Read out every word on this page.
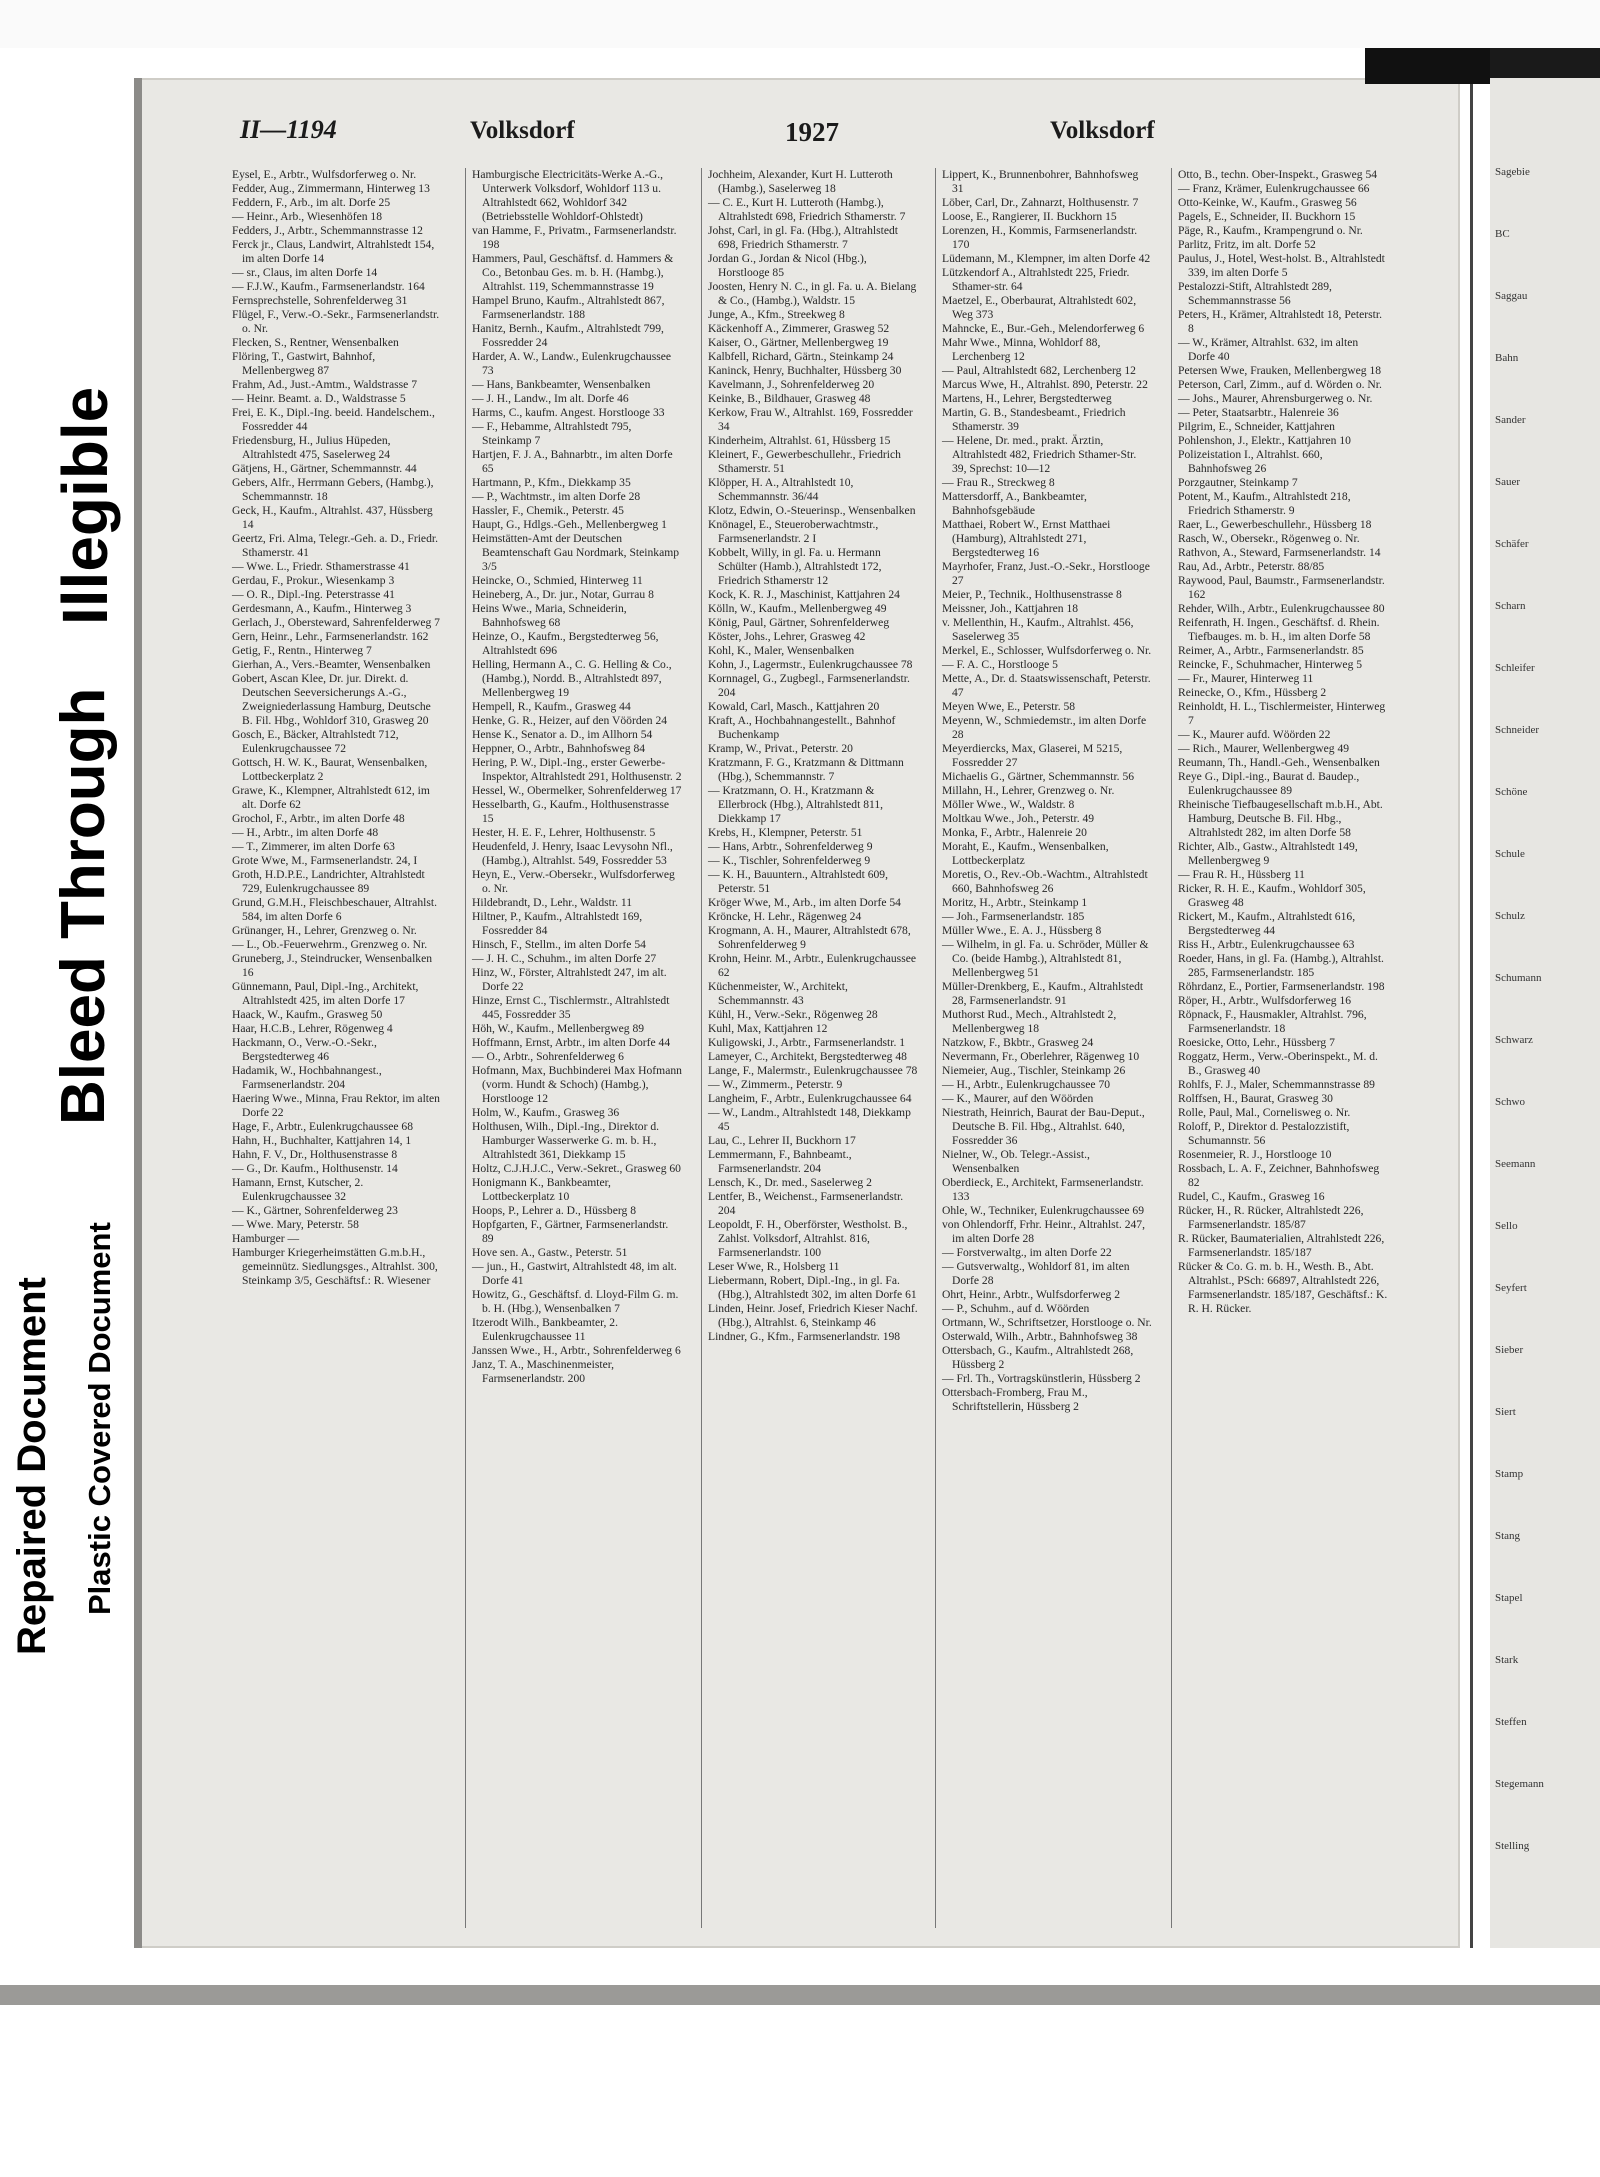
Repaired Document Plastic Covered Document
Bleed Through
Illegible
II—1194	Volksdorf	1927	Volksdorf

Eysel, E., Arbtr., Wulfsdorferweg o. Nr.

Fedder, Aug., Zimmermann, Hinterweg 13

Feddern, F., Arb., im alt. Dorfe 25

— Heinr., Arb., Wiesenhöfen 18

Fedders, J., Arbtr., Schemmannstrasse 12

Ferck jr., Claus, Landwirt, Altrahlstedt 154, im alten Dorfe 14

— sr., Claus, im alten Dorfe 14

— F.J.W., Kaufm., Farmsenerlandstr. 164

Fernsprechstelle, Sohrenfelderweg 31

Flügel, F., Verw.-O.-Sekr., Farmsenerlandstr. o. Nr.

Flecken, S., Rentner, Wensenbalken

Flöring, T., Gastwirt, Bahnhof, Mellenbergweg 87

Frahm, Ad., Just.-Amtm., Waldstrasse 7

— Heinr. Beamt. a. D., Waldstrasse 5

Frei, E. K., Dipl.-Ing. beeid. Handelschem., Fossredder 44

Friedensburg, H., Julius Hüpeden, Altrahlstedt 475, Saselerweg 24

Gätjens, H., Gärtner, Schemmannstr. 44

Gebers, Alfr., Herrmann Gebers, (Hambg.), Schemmannstr. 18

Geck, H., Kaufm., Altrahlst. 437, Hüssberg 14

Geertz, Fri. Alma, Telegr.-Geh. a. D., Friedr. Sthamerstr. 41

— Wwe. L., Friedr. Sthamerstrasse 41

Gerdau, F., Prokur., Wiesenkamp 3

— O. R., Dipl.-Ing. Peterstrasse 41

Gerdesmann, A., Kaufm., Hinterweg 3

Gerlach, J., Obersteward, Sahrenfelderweg 7

Gern, Heinr., Lehr., Farmsenerlandstr. 162

Getig, F., Rentn., Hinterweg 7

Gierhan, A., Vers.-Beamter, Wensenbalken

Gobert, Ascan Klee, Dr. jur. Direkt. d. Deutschen Seeversicherungs A.-G., Zweigniederlassung Hamburg, Deutsche B. Fil. Hbg., Wohldorf 310, Grasweg 20

Gosch, E., Bäcker, Altrahlstedt 712, Eulenkrugchaussee 72

Gottsch, H. W. K., Baurat, Wensenbalken, Lottbeckerplatz 2

Grawe, K., Klempner, Altrahlstedt 612, im alt. Dorfe 62

Grochol, F., Arbtr., im alten Dorfe 48

— H., Arbtr., im alten Dorfe 48

— T., Zimmerer, im alten Dorfe 63

Grote Wwe, M., Farmsenerlandstr. 24, I

Groth, H.D.P.E., Landrichter, Altrahlstedt 729, Eulenkrugchaussee 89

Grund, G.M.H., Fleischbeschauer, Altrahlst. 584, im alten Dorfe 6

Grünanger, H., Lehrer, Grenzweg o. Nr.

— L., Ob.-Feuerwehrm., Grenzweg o. Nr.

Gruneberg, J., Steindrucker, Wensenbalken 16

Günnemann, Paul, Dipl.-Ing., Architekt, Altrahlstedt 425, im alten Dorfe 17

Haack, W., Kaufm., Grasweg 50

Haar, H.C.B., Lehrer, Rögenweg 4

Hackmann, O., Verw.-O.-Sekr., Bergstedterweg 46

Hadamik, W., Hochbahnangest., Farmsenerlandstr. 204

Haering Wwe., Minna, Frau Rektor, im alten Dorfe 22

Hage, F., Arbtr., Eulenkrugchaussee 68

Hahn, H., Buchhalter, Kattjahren 14, 1

Hahn, F. V., Dr., Holthusenstrasse 8

— G., Dr. Kaufm., Holthusenstr. 14

Hamann, Ernst, Kutscher, 2. Eulenkrugchaussee 32

— K., Gärtner, Sohrenfelderweg 23

— Wwe. Mary, Peterstr. 58

Hamburger —

Hamburger Kriegerheimstätten G.m.b.H., gemeinnütz. Siedlungsges., Altrahlst. 300, Steinkamp 3/5, Geschäftsf.: R. Wiesener

Hamburgische Electricitäts-Werke A.-G., Unterwerk Volksdorf, Wohldorf 113 u. Altrahlstedt 662, Wohldorf 342 (Betriebsstelle Wohldorf-Ohlstedt)

van Hamme, F., Privatm., Farmsenerlandstr. 198

Hammers, Paul, Geschäftsf. d. Hammers & Co., Betonbau Ges. m. b. H. (Hambg.), Altrahlst. 119, Schemmannstrasse 19

Hampel Bruno, Kaufm., Altrahlstedt 867, Farmsenerlandstr. 188

Hanitz, Bernh., Kaufm., Altrahlstedt 799, Fossredder 24

Harder, A. W., Landw., Eulenkrugchaussee 73

— Hans, Bankbeamter, Wensenbalken

— J. H., Landw., Im alt. Dorfe 46

Harms, C., kaufm. Angest. Horstlooge 33

— F., Hebamme, Altrahlstedt 795, Steinkamp 7

Hartjen, F. J. A., Bahnarbtr., im alten Dorfe 65

Hartmann, P., Kfm., Diekkamp 35

— P., Wachtmstr., im alten Dorfe 28

Hassler, F., Chemik., Peterstr. 45

Haupt, G., Hdlgs.-Geh., Mellenbergweg 1

Heimstätten-Amt der Deutschen Beamtenschaft Gau Nordmark, Steinkamp 3/5

Heincke, O., Schmied, Hinterweg 11

Heineberg, A., Dr. jur., Notar, Gurrau 8

Heins Wwe., Maria, Schneiderin, Bahnhofsweg 68

Heinze, O., Kaufm., Bergstedterweg 56, Altrahlstedt 696

Helling, Hermann A., C. G. Helling & Co., (Hambg.), Nordd. B., Altrahlstedt 897, Mellenbergweg 19

Hempell, R., Kaufm., Grasweg 44

Henke, G. R., Heizer, auf den Vöörden 24

Hense K., Senator a. D., im Allhorn 54

Heppner, O., Arbtr., Bahnhofsweg 84

Hering, P. W., Dipl.-Ing., erster Gewerbe-Inspektor, Altrahlstedt 291, Holthusenstr. 2

Hessel, W., Obermelker, Sohrenfelderweg 17

Hesselbarth, G., Kaufm., Holthusenstrasse 15

Hester, H. E. F., Lehrer, Holthusenstr. 5

Heudenfeld, J. Henry, Isaac Levysohn Nfl., (Hambg.), Altrahlst. 549, Fossredder 53

Heyn, E., Verw.-Obersekr., Wulfsdorferweg o. Nr.

Hildebrandt, D., Lehr., Waldstr. 11

Hiltner, P., Kaufm., Altrahlstedt 169, Fossredder 84

Hinsch, F., Stellm., im alten Dorfe 54

— J. H. C., Schuhm., im alten Dorfe 27

Hinz, W., Förster, Altrahlstedt 247, im alt. Dorfe 22

Hinze, Ernst C., Tischlermstr., Altrahlstedt 445, Fossredder 35

Höh, W., Kaufm., Mellenbergweg 89

Hoffmann, Ernst, Arbtr., im alten Dorfe 44

— O., Arbtr., Sohrenfelderweg 6

Hofmann, Max, Buchbinderei Max Hofmann (vorm. Hundt & Schoch) (Hambg.), Horstlooge 12

Holm, W., Kaufm., Grasweg 36

Holthusen, Wilh., Dipl.-Ing., Direktor d. Hamburger Wasserwerke G. m. b. H., Altrahlstedt 361, Diekkamp 15

Holtz, C.J.H.J.C., Verw.-Sekret., Grasweg 60

Honigmann K., Bankbeamter, Lottbeckerplatz 10

Hoops, P., Lehrer a. D., Hüssberg 8

Hopfgarten, F., Gärtner, Farmsenerlandstr. 89

Hove sen. A., Gastw., Peterstr. 51

— jun., H., Gastwirt, Altrahlstedt 48, im alt. Dorfe 41

Howitz, G., Geschäftsf. d. Lloyd-Film G. m. b. H. (Hbg.), Wensenbalken 7

Itzerodt Wilh., Bankbeamter, 2. Eulenkrugchaussee 11

Janssen Wwe., H., Arbtr., Sohrenfelderweg 6

Janz, T. A., Maschinenmeister, Farmsenerlandstr. 200

Jochheim, Alexander, Kurt H. Lutteroth (Hambg.), Saselerweg 18

— C. E., Kurt H. Lutteroth (Hambg.), Altrahlstedt 698, Friedrich Sthamerstr. 7

Johst, Carl, in gl. Fa. (Hbg.), Altrahlstedt 698, Friedrich Sthamerstr. 7

Jordan G., Jordan & Nicol (Hbg.), Horstlooge 85

Joosten, Henry N. C., in gl. Fa. u. A. Bielang & Co., (Hambg.), Waldstr. 15

Junge, A., Kfm., Streekweg 8

Käckenhoff A., Zimmerer, Grasweg 52

Kaiser, O., Gärtner, Mellenbergweg 19

Kalbfell, Richard, Gärtn., Steinkamp 24

Kaninck, Henry, Buchhalter, Hüssberg 30

Kavelmann, J., Sohrenfelderweg 20

Keinke, B., Bildhauer, Grasweg 48

Kerkow, Frau W., Altrahlst. 169, Fossredder 34

Kinderheim, Altrahlst. 61, Hüssberg 15

Kleinert, F., Gewerbeschullehr., Friedrich Sthamerstr. 51

Klöpper, H. A., Altrahlstedt 10, Schemmannstr. 36/44

Klotz, Edwin, O.-Steuerinsp., Wensenbalken

Knönagel, E., Steueroberwachtmstr., Farmsenerlandstr. 2 I

Kobbelt, Willy, in gl. Fa. u. Hermann Schülter (Hamb.), Altrahlstedt 172, Friedrich Sthamerstr 12

Kock, K. R. J., Maschinist, Kattjahren 24

Kölln, W., Kaufm., Mellenbergweg 49

König, Paul, Gärtner, Sohrenfelderweg

Köster, Johs., Lehrer, Grasweg 42

Kohl, K., Maler, Wensenbalken

Kohn, J., Lagermstr., Eulenkrugchaussee 78

Kornnagel, G., Zugbegl., Farmsenerlandstr. 204

Kowald, Carl, Masch., Kattjahren 20

Kraft, A., Hochbahnangestellt., Bahnhof Buchenkamp

Kramp, W., Privat., Peterstr. 20

Kratzmann, F. G., Kratzmann & Dittmann (Hbg.), Schemmannstr. 7

— Kratzmann, O. H., Kratzmann & Ellerbrock (Hbg.), Altrahlstedt 811, Diekkamp 17

Krebs, H., Klempner, Peterstr. 51

— Hans, Arbtr., Sohrenfelderweg 9

— K., Tischler, Sohrenfelderweg 9

— K. H., Bauuntern., Altrahlstedt 609, Peterstr. 51

Kröger Wwe, M., Arb., im alten Dorfe 54

Kröncke, H. Lehr., Rägenweg 24

Krogmann, A. H., Maurer, Altrahlstedt 678, Sohrenfelderweg 9

Krohn, Heinr. M., Arbtr., Eulenkrugchaussee 62

Küchenmeister, W., Architekt, Schemmannstr. 43

Kühl, H., Verw.-Sekr., Rögenweg 28

Kuhl, Max, Kattjahren 12

Kuligowski, J., Arbtr., Farmsenerlandstr. 1

Lameyer, C., Architekt, Bergstedterweg 48

Lange, F., Malermstr., Eulenkrugchaussee 78

— W., Zimmerm., Peterstr. 9

Langheim, F., Arbtr., Eulenkrugchaussee 64

— W., Landm., Altrahlstedt 148, Diekkamp 45

Lau, C., Lehrer II, Buckhorn 17

Lemmermann, F., Bahnbeamt., Farmsenerlandstr. 204

Lensch, K., Dr. med., Saselerweg 2

Lentfer, B., Weichenst., Farmsenerlandstr. 204

Leopoldt, F. H., Oberförster, Westholst. B., Zahlst. Volksdorf, Altrahlst. 816, Farmsenerlandstr. 100

Leser Wwe, R., Holsberg 11

Liebermann, Robert, Dipl.-Ing., in gl. Fa. (Hbg.), Altrahlstedt 302, im alten Dorfe 61

Linden, Heinr. Josef, Friedrich Kieser Nachf. (Hbg.), Altrahlst. 6, Steinkamp 46

Lindner, G., Kfm., Farmsenerlandstr. 198

Lippert, K., Brunnenbohrer, Bahnhofsweg 31

Löber, Carl, Dr., Zahnarzt, Holthusenstr. 7

Loose, E., Rangierer, II. Buckhorn 15

Lorenzen, H., Kommis, Farmsenerlandstr. 170

Lüdemann, M., Klempner, im alten Dorfe 42

Lützkendorf A., Altrahlstedt 225, Friedr. Sthamer-str. 64

Maetzel, E., Oberbaurat, Altrahlstedt 602, Weg 373

Mahncke, E., Bur.-Geh., Melendorferweg 6

Mahr Wwe., Minna, Wohldorf 88, Lerchenberg 12

— Paul, Altrahlstedt 682, Lerchenberg 12

Marcus Wwe, H., Altrahlst. 890, Peterstr. 22

Martens, H., Lehrer, Bergstedterweg

Martin, G. B., Standesbeamt., Friedrich Sthamerstr. 39

— Helene, Dr. med., prakt. Ärztin, Altrahlstedt 482, Friedrich Sthamer-Str. 39, Sprechst: 10—12

— Frau R., Streckweg 8

Mattersdorff, A., Bankbeamter, Bahnhofsgebäude

Matthaei, Robert W., Ernst Matthaei (Hamburg), Altrahlstedt 271, Bergstedterweg 16

Mayrhofer, Franz, Just.-O.-Sekr., Horstlooge 27

Meier, P., Technik., Holthusenstrasse 8

Meissner, Joh., Kattjahren 18

v. Mellenthin, H., Kaufm., Altrahlst. 456, Saselerweg 35

Merkel, E., Schlosser, Wulfsdorferweg o. Nr.

— F. A. C., Horstlooge 5

Mette, A., Dr. d. Staatswissenschaft, Peterstr. 47

Meyen Wwe, E., Peterstr. 58

Meyenn, W., Schmiedemstr., im alten Dorfe 28

Meyerdiercks, Max, Glaserei, M 5215, Fossredder 27

Michaelis G., Gärtner, Schemmannstr. 56

Millahn, H., Lehrer, Grenzweg o. Nr.

Möller Wwe., W., Waldstr. 8

Moltkau Wwe., Joh., Peterstr. 49

Monka, F., Arbtr., Halenreie 20

Moraht, E., Kaufm., Wensenbalken, Lottbeckerplatz

Moretis, O., Rev.-Ob.-Wachtm., Altrahlstedt 660, Bahnhofsweg 26

Moritz, H., Arbtr., Steinkamp 1

— Joh., Farmsenerlandstr. 185

Müller Wwe., E. A. J., Hüssberg 8

— Wilhelm, in gl. Fa. u. Schröder, Müller & Co. (beide Hambg.), Altrahlstedt 81, Mellenbergweg 51

Müller-Drenkberg, E., Kaufm., Altrahlstedt 28, Farmsenerlandstr. 91

Muthorst Rud., Mech., Altrahlstedt 2, Mellenbergweg 18

Natzkow, F., Bkbtr., Grasweg 24

Nevermann, Fr., Oberlehrer, Rägenweg 10

Niemeier, Aug., Tischler, Steinkamp 26

— H., Arbtr., Eulenkrugchaussee 70

— K., Maurer, auf den Wöörden

Niestrath, Heinrich, Baurat der Bau-Deput., Deutsche B. Fil. Hbg., Altrahlst. 640, Fossredder 36

Nielner, W., Ob. Telegr.-Assist., Wensenbalken

Oberdieck, E., Architekt, Farmsenerlandstr. 133

Ohle, W., Techniker, Eulenkrugchaussee 69

von Ohlendorff, Frhr. Heinr., Altrahlst. 247, im alten Dorfe 28

— Forstverwaltg., im alten Dorfe 22

— Gutsverwaltg., Wohldorf 81, im alten Dorfe 28

Ohrt, Heinr., Arbtr., Wulfsdorferweg 2

— P., Schuhm., auf d. Wöörden

Ortmann, W., Schriftsetzer, Horstlooge o. Nr.

Osterwald, Wilh., Arbtr., Bahnhofsweg 38

Ottersbach, G., Kaufm., Altrahlstedt 268, Hüssberg 2

— Frl. Th., Vortragskünstlerin, Hüssberg 2

Ottersbach-Fromberg, Frau M., Schriftstellerin, Hüssberg 2

Otto, B., techn. Ober-Inspekt., Grasweg 54

— Franz, Krämer, Eulenkrugchaussee 66

Otto-Keinke, W., Kaufm., Grasweg 56

Pagels, E., Schneider, II. Buckhorn 15

Päge, R., Kaufm., Krampengrund o. Nr.

Parlitz, Fritz, im alt. Dorfe 52

Paulus, J., Hotel, West-holst. B., Altrahlstedt 339, im alten Dorfe 5

Pestalozzi-Stift, Altrahlstedt 289, Schemmannstrasse 56

Peters, H., Krämer, Altrahlstedt 18, Peterstr. 8

— W., Krämer, Altrahlst. 632, im alten Dorfe 40

Petersen Wwe, Frauken, Mellenbergweg 18

Peterson, Carl, Zimm., auf d. Wörden o. Nr.

— Johs., Maurer, Ahrensburgerweg o. Nr.

— Peter, Staatsarbtr., Halenreie 36

Pilgrim, E., Schneider, Kattjahren

Pohlenshon, J., Elektr., Kattjahren 10

Polizeistation I., Altrahlst. 660, Bahnhofsweg 26

Porzgautner, Steinkamp 7

Potent, M., Kaufm., Altrahlstedt 218, Friedrich Sthamerstr. 9

Raer, L., Gewerbeschullehr., Hüssberg 18

Rasch, W., Obersekr., Rögenweg o. Nr.

Rathvon, A., Steward, Farmsenerlandstr. 14

Rau, Ad., Arbtr., Peterstr. 88/85

Raywood, Paul, Baumstr., Farmsenerlandstr. 162

Rehder, Wilh., Arbtr., Eulenkrugchaussee 80

Reifenrath, H. Ingen., Geschäftsf. d. Rhein. Tiefbauges. m. b. H., im alten Dorfe 58

Reimer, A., Arbtr., Farmsenerlandstr. 85

Reincke, F., Schuhmacher, Hinterweg 5

— Fr., Maurer, Hinterweg 11

Reinecke, O., Kfm., Hüssberg 2

Reinholdt, H. L., Tischlermeister, Hinterweg 7

— K., Maurer aufd. Wöörden 22

— Rich., Maurer, Wellenbergweg 49

Reumann, Th., Handl.-Geh., Wensenbalken

Reye G., Dipl.-ing., Baurat d. Baudep., Eulenkrugchaussee 89

Rheinische Tiefbaugesellschaft m.b.H., Abt. Hamburg, Deutsche B. Fil. Hbg., Altrahlstedt 282, im alten Dorfe 58

Richter, Alb., Gastw., Altrahlstedt 149, Mellenbergweg 9

— Frau R. H., Hüssberg 11

Ricker, R. H. E., Kaufm., Wohldorf 305, Grasweg 48

Rickert, M., Kaufm., Altrahlstedt 616, Bergstedterweg 44

Riss H., Arbtr., Eulenkrugchaussee 63

Roeder, Hans, in gl. Fa. (Hambg.), Altrahlst. 285, Farmsenerlandstr. 185

Röhrdanz, E., Portier, Farmsenerlandstr. 198

Röper, H., Arbtr., Wulfsdorferweg 16

Röpnack, F., Hausmakler, Altrahlst. 796, Farmsenerlandstr. 18

Roesicke, Otto, Lehr., Hüssberg 7

Roggatz, Herm., Verw.-Oberinspekt., M. d. B., Grasweg 40

Rohlfs, F. J., Maler, Schemmannstrasse 89

Rolffsen, H., Baurat, Grasweg 30

Rolle, Paul, Mal., Cornelisweg o. Nr.

Roloff, P., Direktor d. Pestalozzistift, Schumannstr. 56

Rosenmeier, R. J., Horstlooge 10

Rossbach, L. A. F., Zeichner, Bahnhofsweg 82

Rudel, C., Kaufm., Grasweg 16

Rücker, H., R. Rücker, Altrahlstedt 226, Farmsenerlandstr. 185/87

R. Rücker, Baumaterialien, Altrahlstedt 226, Farmsenerlandstr. 185/187

Rücker & Co. G. m. b. H., Westh. B., Abt. Altrahlst., PSch: 66897, Altrahlstedt 226, Farmsenerlandstr. 185/187, Geschäftsf.: K. R. H. Rücker.

Sagebie

BC

Saggau

Bahn

Sander

Sauer

Schäfer

Scharn

Schleifer

Schneider

Schöne

Schule

Schulz

Schumann

Schwarz

Schwo

Seemann

Sello

Seyfert

Sieber

Siert

Stamp

Stang

Stapel

Stark

Steffen

Stegemann

Stelling
